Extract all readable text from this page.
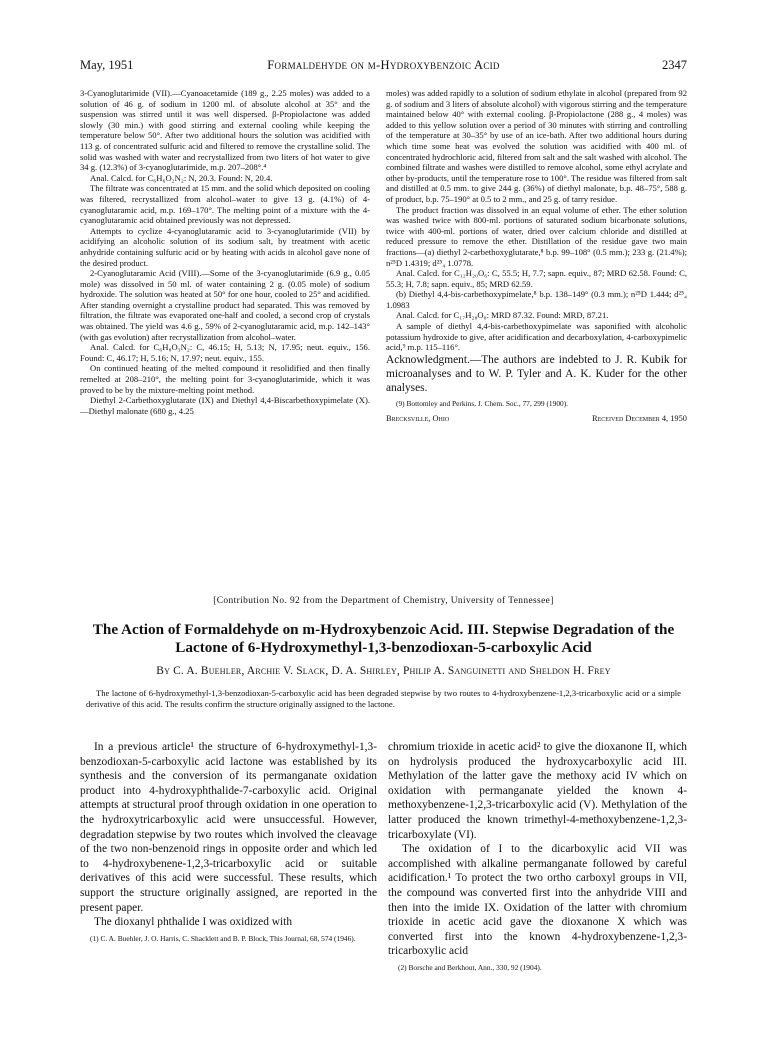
May, 1951	Formaldehyde on m-Hydroxybenzoic Acid	2347

3-Cyanoglutarimide (VII).—Cyanoacetamide (189 g., 2.25 moles) was added to a solution of 46 g. of sodium in 1200 ml. of absolute alcohol at 35° and the suspension was stirred until it was well dispersed. β-Propiolactone was added slowly (30 min.) with good stirring and external cooling while keeping the temperature below 50°. After two additional hours the solution was acidified with 113 g. of concentrated sulfuric acid and filtered to remove the crystalline solid. The solid was washed with water and recrystallized from two liters of hot water to give 34 g. (12.3%) of 3-cyanoglutarimide, m.p. 207–208°.⁴

Anal. Calcd. for C₆H₆O₂N₂: N, 20.3. Found: N, 20.4.

The filtrate was concentrated at 15 mm. and the solid which deposited on cooling was filtered, recrystallized from alcohol–water to give 13 g. (4.1%) of 4-cyanoglutaramic acid, m.p. 169–170°. The melting point of a mixture with the 4-cyanoglutaramic acid obtained previously was not depressed.

Attempts to cyclize 4-cyanoglutaramic acid to 3-cyanoglutarimide (VII) by acidifying an alcoholic solution of its sodium salt, by treatment with acetic anhydride containing sulfuric acid or by heating with acids in alcohol gave none of the desired product.

2-Cyanoglutaramic Acid (VIII).—Some of the 3-cyanoglutarimide (6.9 g., 0.05 mole) was dissolved in 50 ml. of water containing 2 g. (0.05 mole) of sodium hydroxide. The solution was heated at 50° for one hour, cooled to 25° and acidified. After standing overnight a crystalline product had separated. This was removed by filtration, the filtrate was evaporated one-half and cooled, a second crop of crystals was obtained. The yield was 4.6 g., 59% of 2-cyanoglutaramic acid, m.p. 142–143° (with gas evolution) after recrystallization from alcohol–water.

Anal. Calcd. for C₆H₈O₃N₂: C, 46.15; H, 5.13; N, 17.95; neut. equiv., 156. Found: C, 46.17; H, 5.16; N, 17.97; neut. equiv., 155.

On continued heating of the melted compound it resolidified and then finally remelted at 208–210°, the melting point for 3-cyanoglutarimide, which it was proved to be by the mixture-melting point method.

Diethyl 2-Carbethoxyglutarate (IX) and Diethyl 4,4-Biscarbethoxypimelate (X).—Diethyl malonate (680 g., 4.25

moles) was added rapidly to a solution of sodium ethylate in alcohol (prepared from 92 g. of sodium and 3 liters of absolute alcohol) with vigorous stirring and the temperature maintained below 40° with external cooling. β-Propiolactone (288 g., 4 moles) was added to this yellow solution over a period of 30 minutes with stirring and controlling of the temperature at 30–35° by use of an ice-bath. After two additional hours during which time some heat was evolved the solution was acidified with 400 ml. of concentrated hydrochloric acid, filtered from salt and the salt washed with alcohol. The combined filtrate and washes were distilled to remove alcohol, some ethyl acrylate and other by-products, until the temperature rose to 100°. The residue was filtered from salt and distilled at 0.5 mm. to give 244 g. (36%) of diethyl malonate, b.p. 48–75°, 588 g. of product, b.p. 75–190° at 0.5 to 2 mm., and 25 g. of tarry residue.

The product fraction was dissolved in an equal volume of ether. The ether solution was washed twice with 800-ml. portions of saturated sodium bicarbonate solutions, twice with 400-ml. portions of water, dried over calcium chloride and distilled at reduced pressure to remove the ether. Distillation of the residue gave two main fractions—(a) diethyl 2-carbethoxyglutarate,⁸ b.p. 99–108° (0.5 mm.); 233 g. (21.4%); n²⁵D 1.4319; d²⁵₄ 1.0778.

Anal. Calcd. for C₁₂H₂₀O₆: C, 55.5; H, 7.7; sapn. equiv., 87; MRD 62.58. Found: C, 55.3; H, 7.8; sapn. equiv., 85; MRD 62.59.

(b) Diethyl 4,4-bis-carbethoxypimelate,⁸ b.p. 138–149° (0.3 mm.); n²⁵D 1.444; d²⁵₄ 1.0983

Anal. Calcd. for C₁₇H₂₈O₈: MRD 87.32. Found: MRD, 87.21.

A sample of diethyl 4,4-bis-carbethoxypimelate was saponified with alcoholic potassium hydroxide to give, after acidification and decarboxylation, 4-carboxypimelic acid,⁹ m.p. 115–116°.

Acknowledgment.—The authors are indebted to J. R. Kubik for microanalyses and to W. P. Tyler and A. K. Kuder for the other analyses.

(9) Bottomley and Perkins, J. Chem. Soc., 77, 299 (1900).

Brecksville, Ohio	Received December 4, 1950
[Contribution No. 92 from the Department of Chemistry, University of Tennessee]
The Action of Formaldehyde on m-Hydroxybenzoic Acid. III. Stepwise Degradation of the Lactone of 6-Hydroxymethyl-1,3-benzodioxan-5-carboxylic Acid
By C. A. Buehler, Archie V. Slack, D. A. Shirley, Philip A. Sanguinetti and Sheldon H. Frey
The lactone of 6-hydroxymethyl-1,3-benzodioxan-5-carboxylic acid has been degraded stepwise by two routes to 4-hydroxybenzene-1,2,3-tricarboxylic acid or a simple derivative of this acid. The results confirm the structure originally assigned to the lactone.

In a previous article¹ the structure of 6-hydroxymethyl-1,3-benzodioxan-5-carboxylic acid lactone was established by its synthesis and the conversion of its permanganate oxidation product into 4-hydroxyphthalide-7-carboxylic acid. Original attempts at structural proof through oxidation in one operation to the hydroxytricarboxylic acid were unsuccessful. However, degradation stepwise by two routes which involved the cleavage of the two non-benzenoid rings in opposite order and which led to 4-hydroxybenene-1,2,3-tricarboxylic acid or suitable derivatives of this acid were successful. These results, which support the structure originally assigned, are reported in the present paper.

The dioxanyl phthalide I was oxidized with

(1) C. A. Buehler, J. O. Harris, C. Shacklett and B. P. Block, This Journal, 68, 574 (1946).

chromium trioxide in acetic acid² to give the dioxanone II, which on hydrolysis produced the hydroxycarboxylic acid III. Methylation of the latter gave the methoxy acid IV which on oxidation with permanganate yielded the known 4-methoxybenzene-1,2,3-tricarboxylic acid (V). Methylation of the latter produced the known trimethyl-4-methoxybenzene-1,2,3-tricarboxylate (VI).

The oxidation of I to the dicarboxylic acid VII was accomplished with alkaline permanganate followed by careful acidification.¹ To protect the two ortho carboxyl groups in VII, the compound was converted first into the anhydride VIII and then into the imide IX. Oxidation of the latter with chromium trioxide in acetic acid gave the dioxanone X which was converted first into the known 4-hydroxybenzene-1,2,3-tricarboxylic acid

(2) Borsche and Berkhout, Ann., 330, 92 (1904).
